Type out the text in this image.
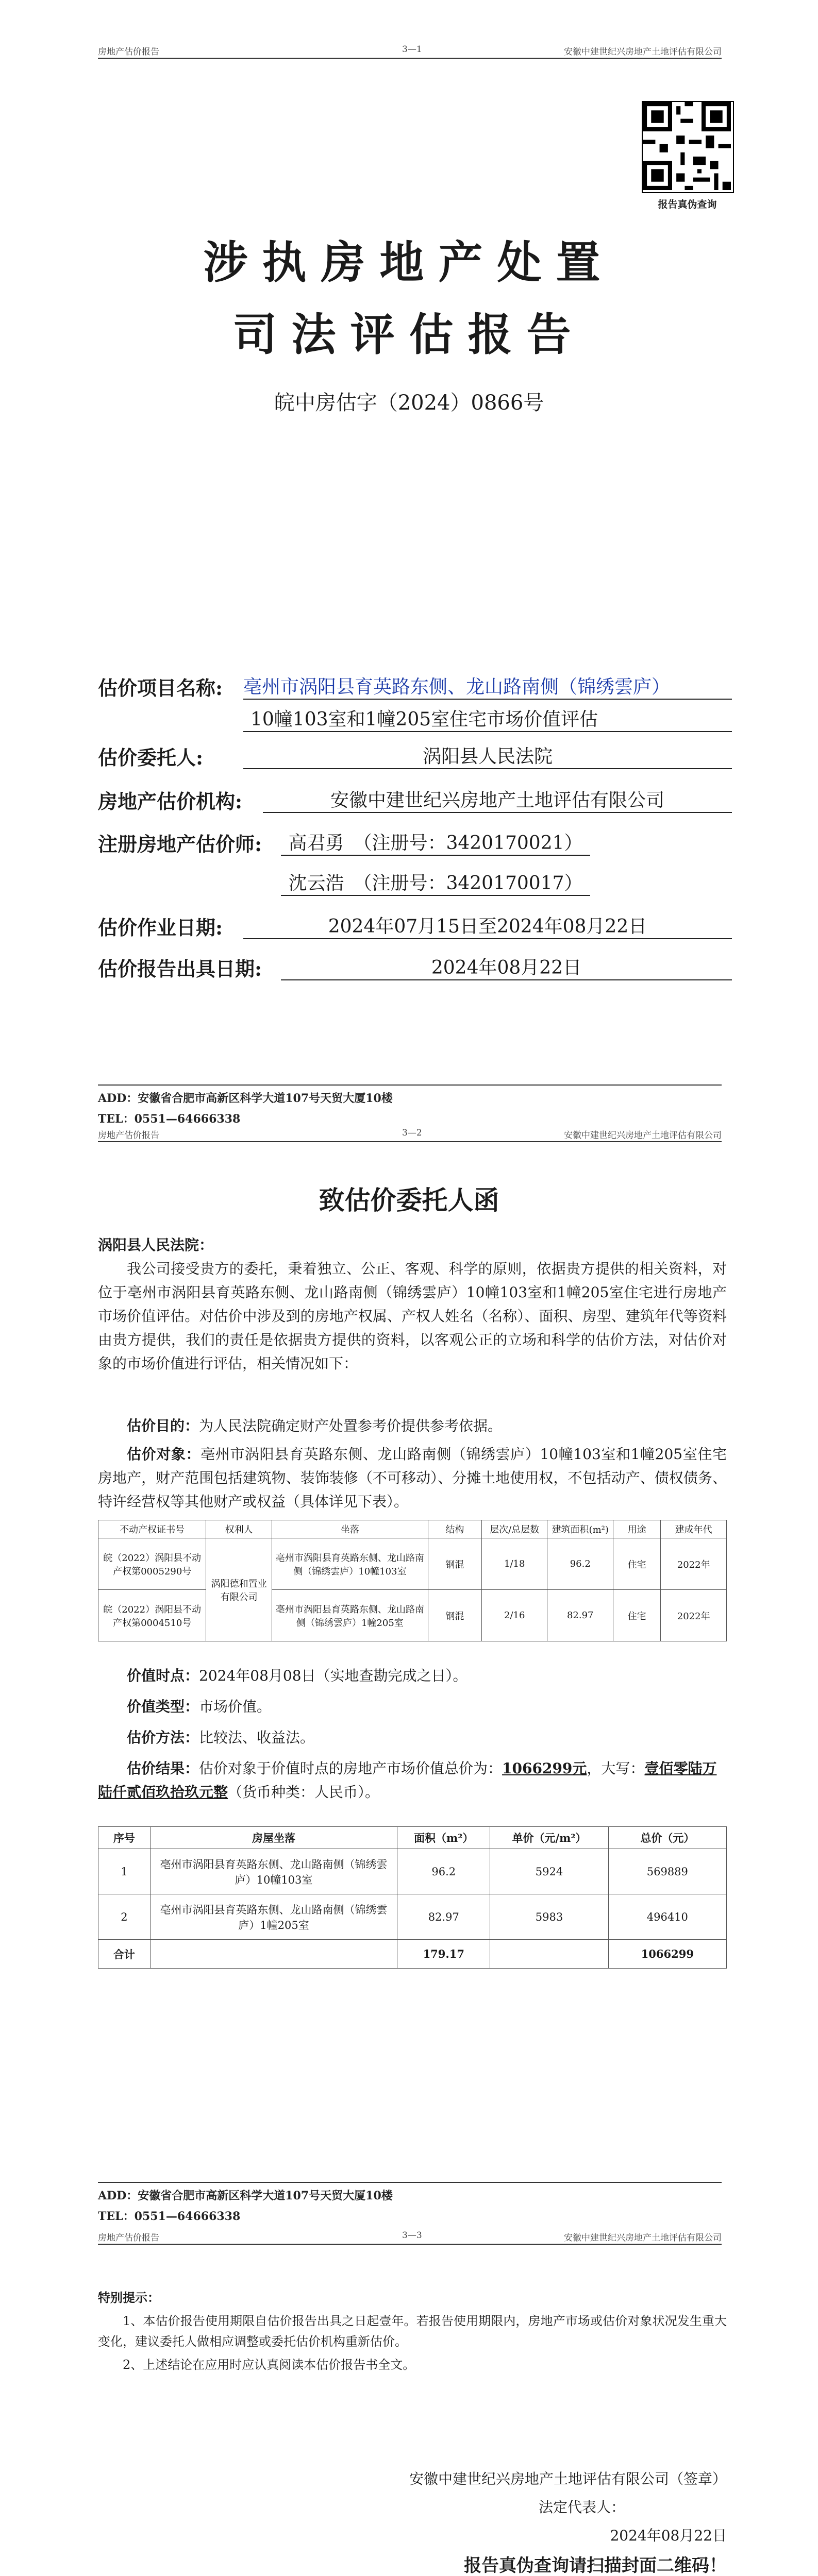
房地产估价报告	3—1	安徽中建世纪兴房地产土地评估有限公司
报告真伪查询
涉执房地产处置
司法评估报告
皖中房估字（2024）0866号
估价项目名称: 亳州市涡阳县育英路东侧、龙山路南侧（锦绣雲庐）
10幢103室和1幢205室住宅市场价值评估
估价委托人:	涡阳县人民法院
房地产估价机构:	安徽中建世纪兴房地产土地评估有限公司
注册房地产估价师:	高君勇　（注册号：3420170021）
沈云浩　（注册号：3420170017）
估价作业日期:	2024年07月15日至2024年08月22日
估价报告出具日期:	2024年08月22日
ADD：安徽省合肥市高新区科学大道107号天贸大厦10楼
TEL：0551—64666338
房地产估价报告	3—2	安徽中建世纪兴房地产土地评估有限公司
致估价委托人函
涡阳县人民法院：
我公司接受贵方的委托，秉着独立、公正、客观、科学的原则，依据贵方提供的相关资料，对位于亳州市涡阳县育英路东侧、龙山路南侧（锦绣雲庐）10幢103室和1幢205室住宅进行房地产市场价值评估。对估价中涉及到的房地产权属、产权人姓名（名称）、面积、房型、建筑年代等资料由贵方提供，我们的责任是依据贵方提供的资料，以客观公正的立场和科学的估价方法，对估价对象的市场价值进行评估，相关情况如下：
估价目的：为人民法院确定财产处置参考价提供参考依据。
估价对象：亳州市涡阳县育英路东侧、龙山路南侧（锦绣雲庐）10幢103室和1幢205室住宅房地产，财产范围包括建筑物、装饰装修（不可移动）、分摊土地使用权，不包括动产、债权债务、特许经营权等其他财产或权益（具体详见下表）。
不动产权证书号	权利人	坐落	结构	层次/总层数	建筑面积(m²)	用途	建成年代
皖（2022）涡阳县不动产权第0005290号	涡阳德和置业有限公司	亳州市涡阳县育英路东侧、龙山路南侧（锦绣雲庐）10幢103室	钢混	1/18	96.2	住宅	2022年
皖（2022）涡阳县不动产权第0004510号		亳州市涡阳县育英路东侧、龙山路南侧（锦绣雲庐）1幢205室	钢混	2/16	82.97	住宅	2022年
价值时点：2024年08月08日（实地查勘完成之日）。
价值类型：市场价值。
估价方法：比较法、收益法。
估价结果：估价对象于价值时点的房地产市场价值总价为：1066299元，大写：壹佰零陆万陆仟贰佰玖拾玖元整（货币种类：人民币）。
序号	房屋坐落	面积（m²）	单价（元/m²）	总价（元）
1	亳州市涡阳县育英路东侧、龙山路南侧（锦绣雲庐）10幢103室	96.2	5924	569889
2	亳州市涡阳县育英路东侧、龙山路南侧（锦绣雲庐）1幢205室	82.97	5983	496410
合计		179.17		1066299
ADD：安徽省合肥市高新区科学大道107号天贸大厦10楼
TEL：0551—64666338
房地产估价报告	3—3	安徽中建世纪兴房地产土地评估有限公司
特别提示：
1、本估价报告使用期限自估价报告出具之日起壹年。若报告使用期限内，房地产市场或估价对象状况发生重大变化，建议委托人做相应调整或委托估价机构重新估价。
2、上述结论在应用时应认真阅读本估价报告书全文。
安徽中建世纪兴房地产土地评估有限公司（签章）
法定代表人：
2024年08月22日
报告真伪查询请扫描封面二维码！
